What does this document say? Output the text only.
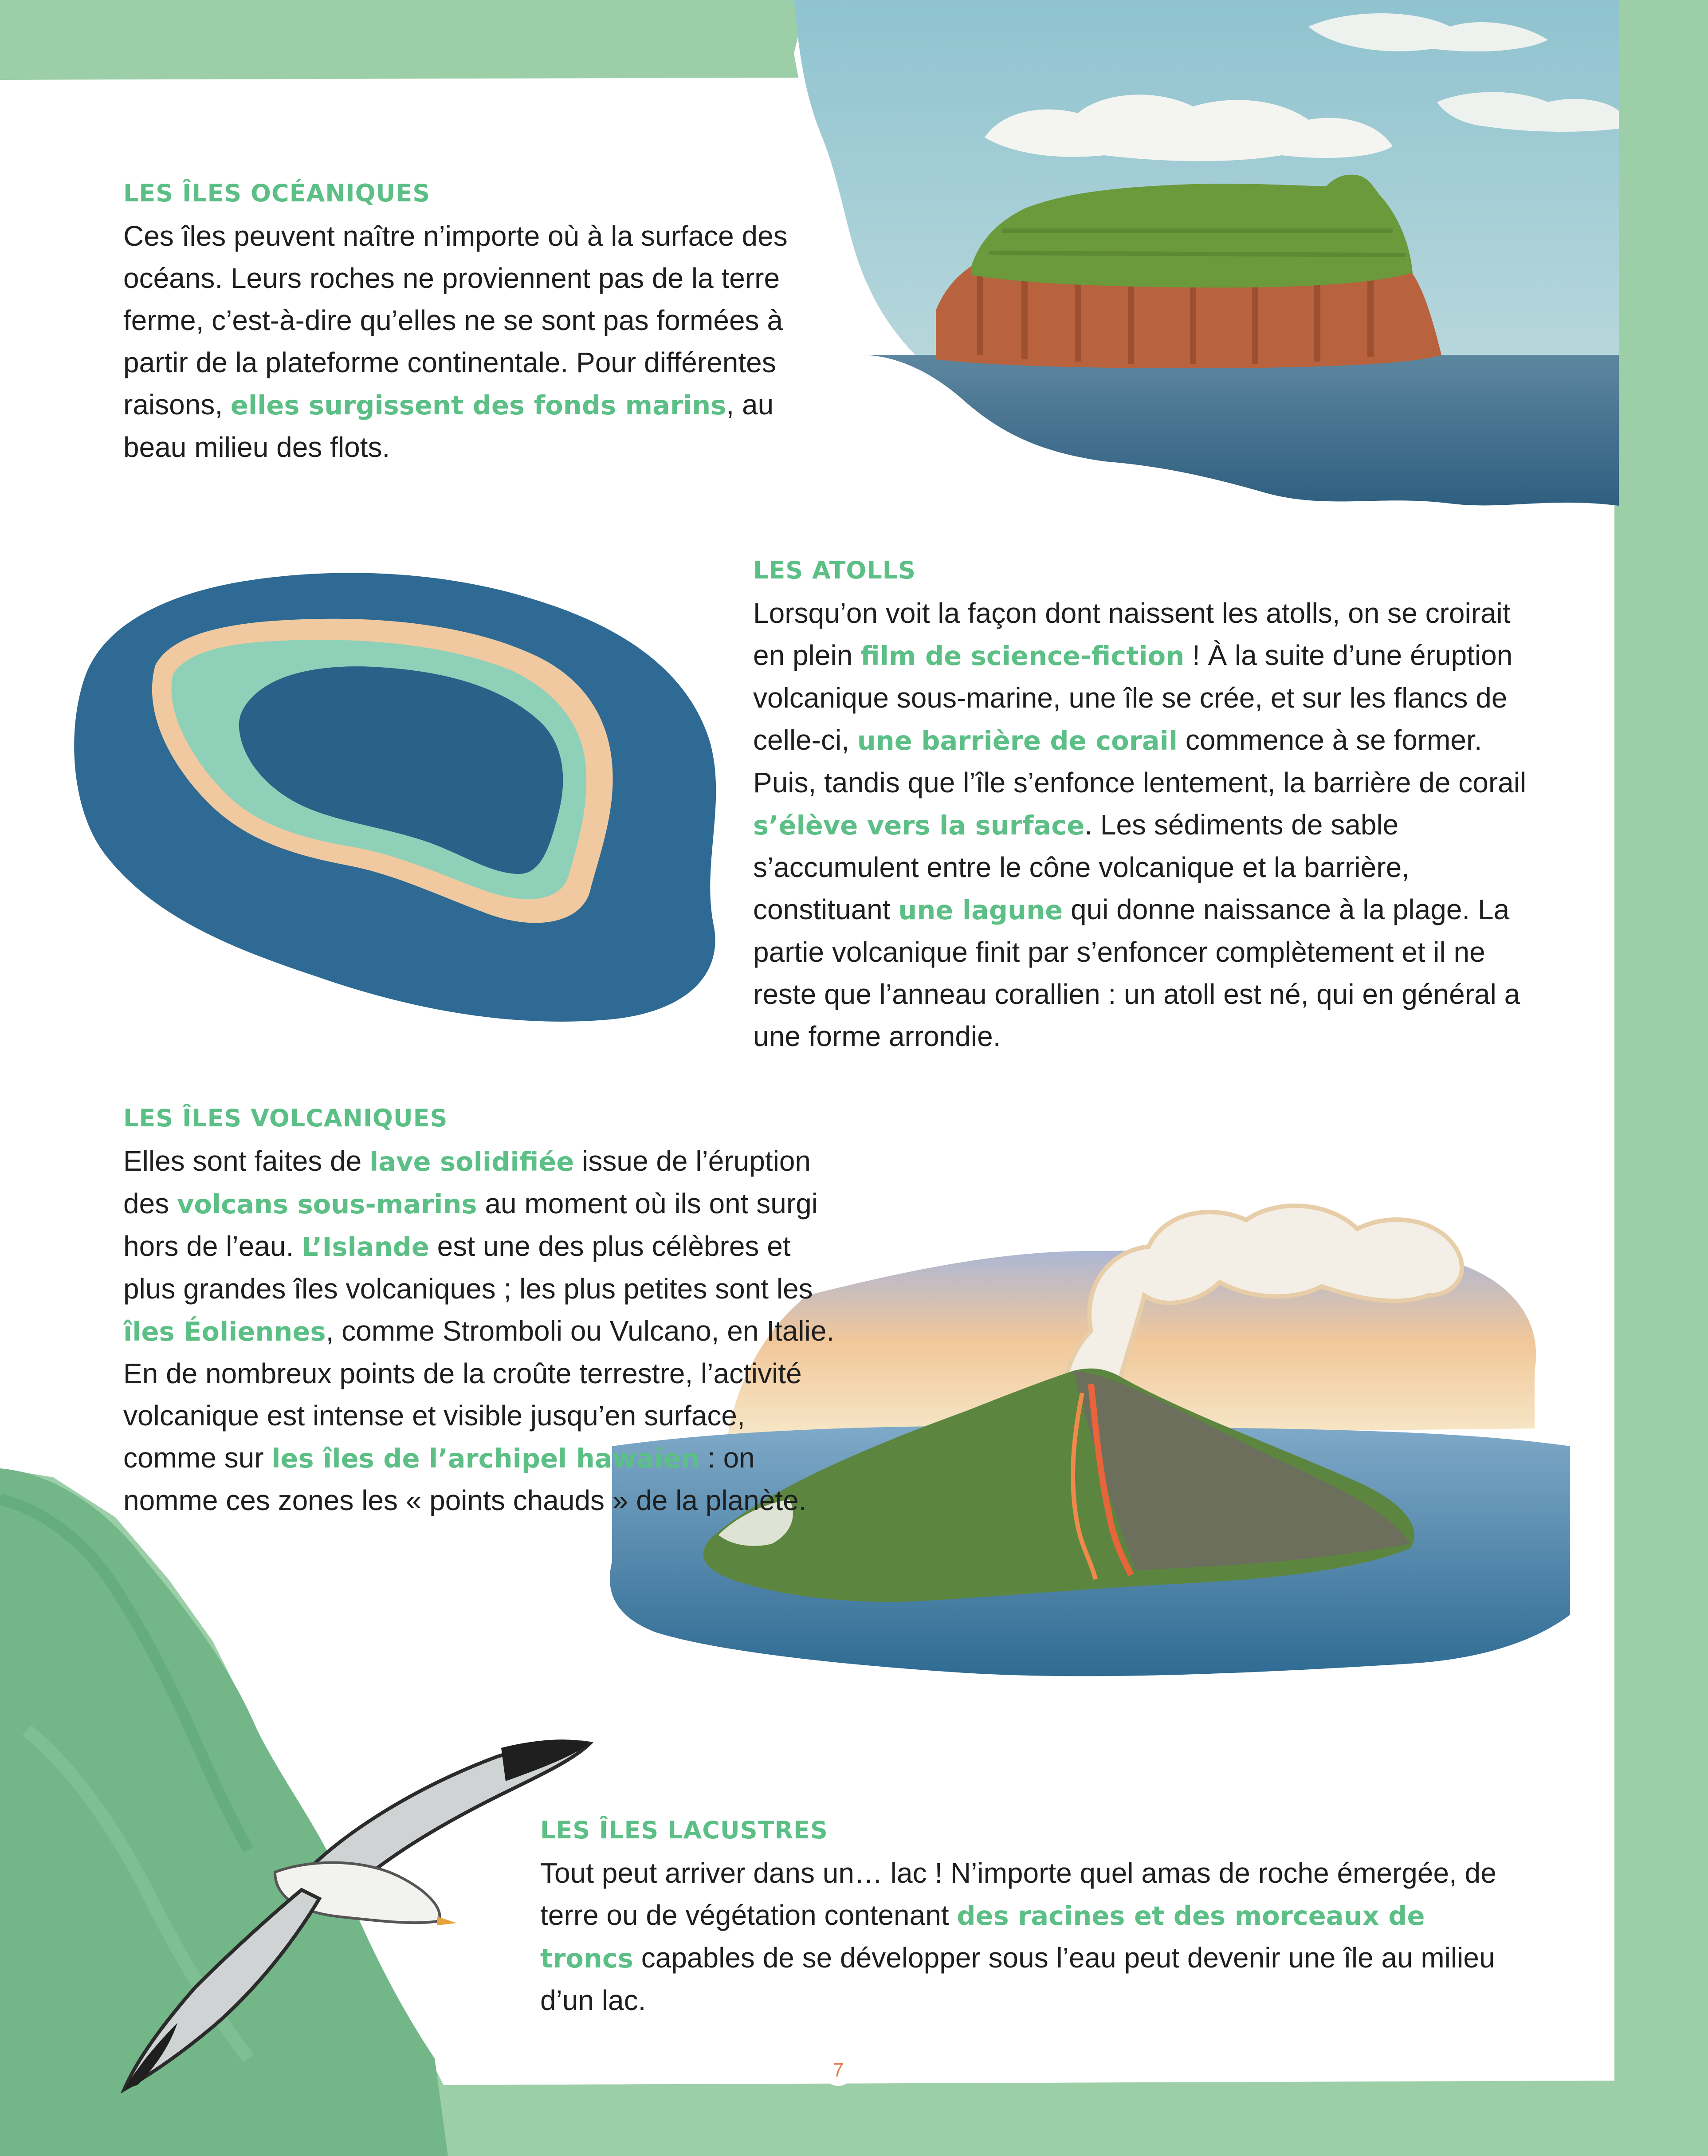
LES ÎLES OCÉANIQUES

Ces îles peuvent naître n’importe où à la surface des océans. Leurs roches ne proviennent pas de la terre ferme, c’est-à-dire qu’elles ne se sont pas formées à partir de la plateforme continentale. Pour différentes raisons, elles surgissent des fonds marins, au beau milieu des flots.

LES ATOLLS

Lorsqu’on voit la façon dont naissent les atolls, on se croirait en plein film de science-fiction ! À la suite d’une éruption volcanique sous-marine, une île se crée, et sur les flancs de celle-ci, une barrière de corail commence à se former. Puis, tandis que l’île s’enfonce lentement, la barrière de corail s’élève vers la surface. Les sédiments de sable s’accumulent entre le cône volcanique et la barrière, constituant une lagune qui donne naissance à la plage. La partie volcanique finit par s’enfoncer complètement et il ne reste que l’anneau corallien : un atoll est né, qui en général a une forme arrondie.

LES ÎLES VOLCANIQUES

Elles sont faites de lave solidifiée issue de l’éruption des volcans sous-marins au moment où ils ont surgi hors de l’eau. L’Islande est une des plus célèbres et plus grandes îles volcaniques ; les plus petites sont les îles Éoliennes, comme Stromboli ou Vulcano, en Italie. En de nombreux points de la croûte terrestre, l’activité volcanique est intense et visible jusqu’en surface, comme sur les îles de l’archipel hawaïen : on nomme ces zones les « points chauds » de la planète.

LES ÎLES LACUSTRES

Tout peut arriver dans un… lac ! N’importe quel amas de roche émergée, de terre ou de végétation contenant des racines et des morceaux de troncs capables de se développer sous l’eau peut devenir une île au milieu d’un lac.

7
